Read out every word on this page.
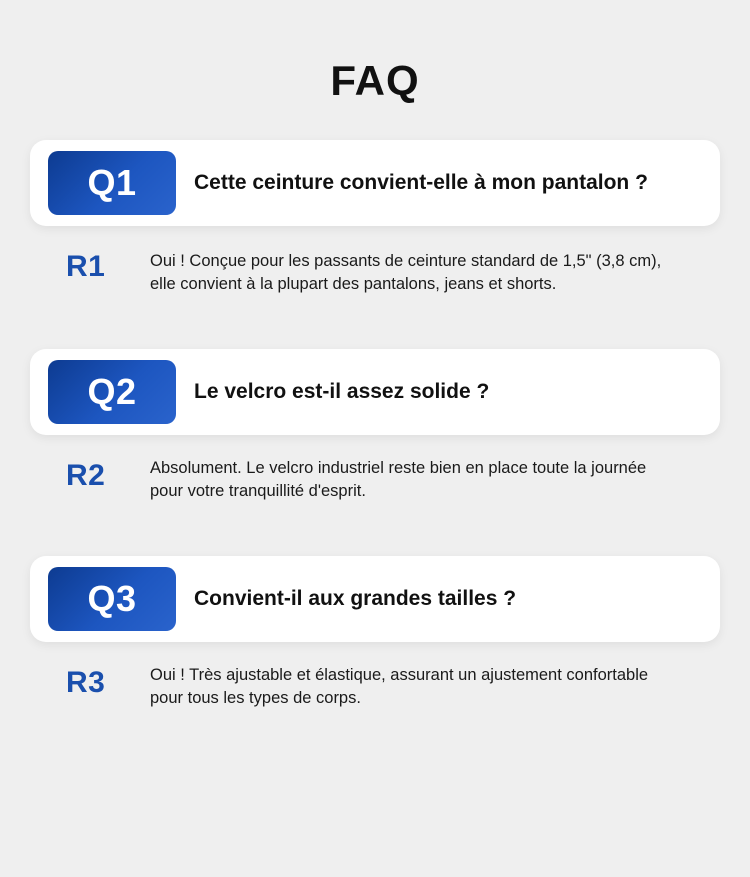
FAQ
Q1	Cette ceinture convient-elle à mon pantalon ?
R1	Oui ! Conçue pour les passants de ceinture standard de 1,5" (3,8 cm), elle convient à la plupart des pantalons, jeans et shorts.
Q2	Le velcro est-il assez solide ?
R2	Absolument. Le velcro industriel reste bien en place toute la journée pour votre tranquillité d'esprit.
Q3	Convient-il aux grandes tailles ?
R3	Oui ! Très ajustable et élastique, assurant un ajustement confortable pour tous les types de corps.
